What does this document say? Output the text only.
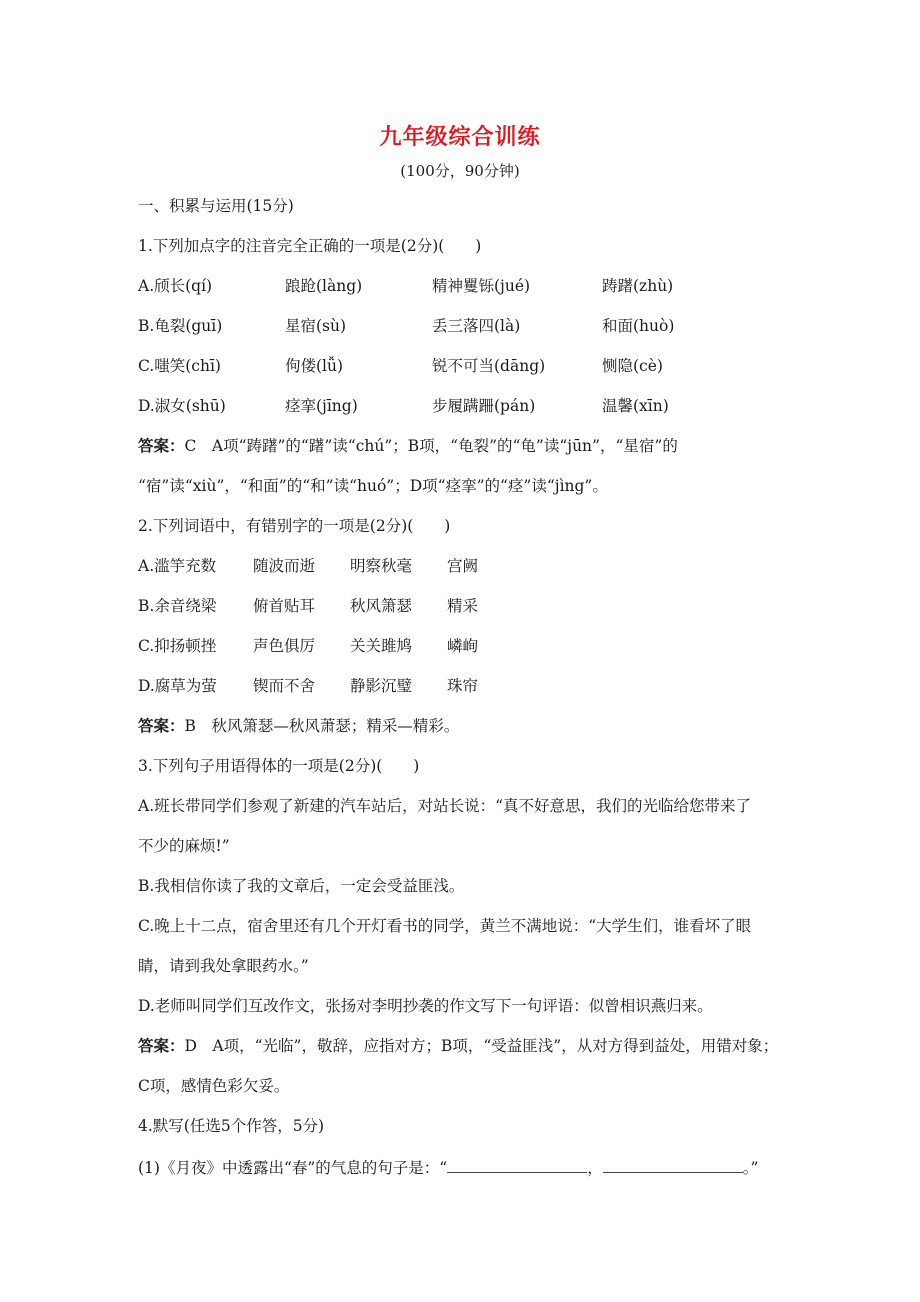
九年级综合训练
(100分，90分钟)
一、积累与运用(15分)
1.下列加点字的注音完全正确的一项是(2分)(　　)
A.颀长(qí)	踉跄(làng)	精神矍铄(jué)	踌躇(zhù)
B.龟裂(guī)	星宿(sù)	丢三落四(là)	和面(huò)
C.嗤笑(chī)	佝偻(lǚ)	锐不可当(dāng)	恻隐(cè)
D.淑女(shū)	痉挛(jīng)	步履蹒跚(pán)	温馨(xīn)
答案：C　A项“踌躇”的“躇”读“chú”；B项，“龟裂”的“龟”读“jūn”，“星宿”的
“宿”读“xiù”，“和面”的“和”读“huó”；D项“痉挛”的“痉”读“jìng”。
2.下列词语中，有错别字的一项是(2分)(　　)
A.滥竽充数 随波而逝 明察秋毫 宫阙
B.余音绕梁 俯首贴耳 秋风箫瑟 精采
C.抑扬顿挫 声色俱厉 关关雎鸠 嶙峋
D.腐草为萤 锲而不舍 静影沉璧 珠帘
答案：B　秋风箫瑟—秋风萧瑟；精采—精彩。
3.下列句子用语得体的一项是(2分)(　　)
A.班长带同学们参观了新建的汽车站后，对站长说：“真不好意思，我们的光临给您带来了
不少的麻烦!”
B.我相信你读了我的文章后，一定会受益匪浅。
C.晚上十二点，宿舍里还有几个开灯看书的同学，黄兰不满地说：“大学生们，谁看坏了眼
睛，请到我处拿眼药水。”
D.老师叫同学们互改作文，张扬对李明抄袭的作文写下一句评语：似曾相识燕归来。
答案：D　A项，“光临”，敬辞，应指对方；B项，“受益匪浅”，从对方得到益处，用错对象；
C项，感情色彩欠妥。
4.默写(任选5个作答，5分)
(1)《月夜》中透露出“春”的气息的句子是：“	，	。”
